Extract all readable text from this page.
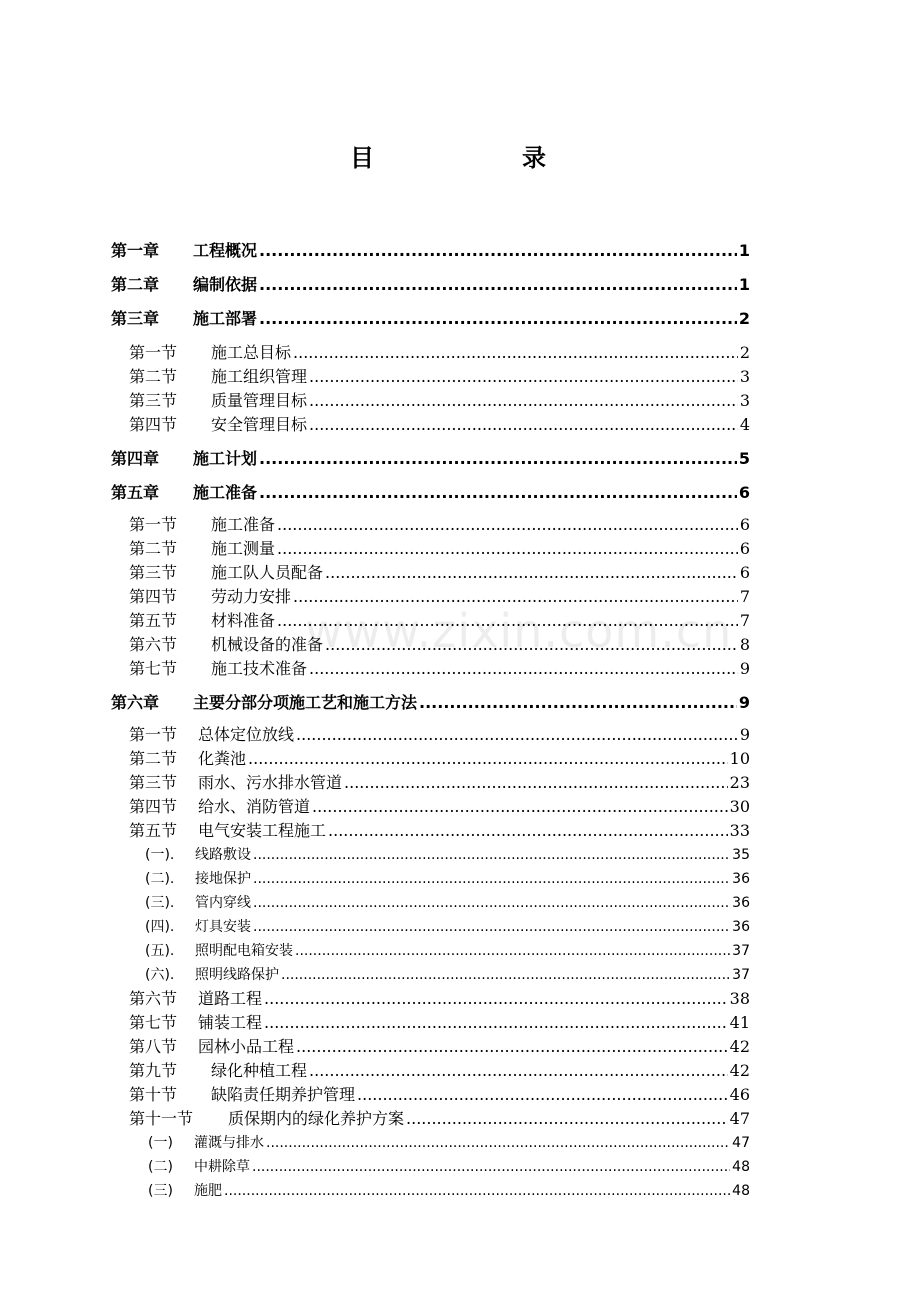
目	录
www.zixin.com.cn
第一章	工程概况 .....	1
第二章	编制依据 .....	1
第三章	施工部署 .....	2
第一节	施工总目标 .....	2
第二节	施工组织管理 .....	3
第三节	质量管理目标 .....	3
第四节	安全管理目标 .....	4
第四章	施工计划 .....	5
第五章	施工准备 .....	6
第一节	施工准备 .....	6
第二节	施工测量 .....	6
第三节	施工队人员配备 .....	6
第四节	劳动力安排 .....	7
第五节	材料准备 .....	7
第六节	机械设备的准备 .....	8
第七节	施工技术准备 .....	9
第六章	主要分部分项施工艺和施工方法 .....	9
第一节	总体定位放线 .....	9
第二节	化粪池 .....	10
第三节	雨水、污水排水管道 .....	23
第四节	给水、消防管道 .....	30
第五节	电气安装工程施工 .....	33
(一).	线路敷设 .....	35
(二).	接地保护 .....	36
(三).	管内穿线 .....	36
(四).	灯具安装 .....	36
(五).	照明配电箱安装 .....	37
(六).	照明线路保护 .....	37
第六节	道路工程 .....	38
第七节	铺装工程 .....	41
第八节	园林小品工程 .....	42
第九节	绿化种植工程 .....	42
第十节	缺陷责任期养护管理 .....	46
第十一节	质保期内的绿化养护方案 .....	47
(一)	灌溉与排水 .....	47
(二)	中耕除草 .....	48
(三)	施肥 .....	48
